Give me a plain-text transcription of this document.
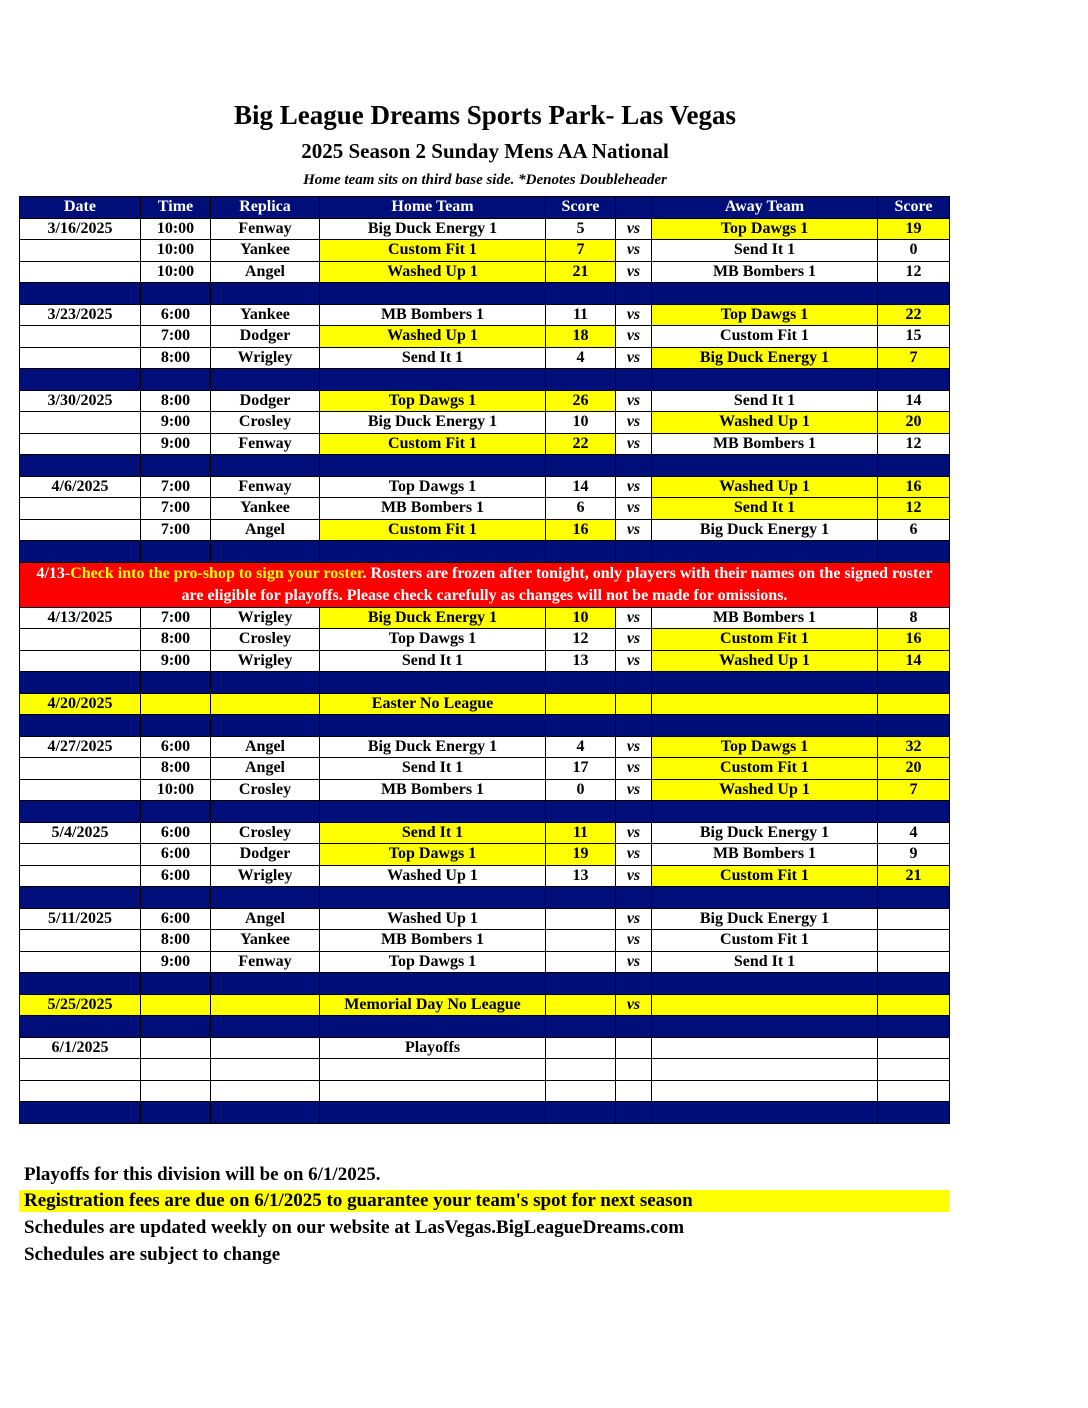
Big League Dreams Sports Park- Las Vegas
2025 Season 2 Sunday Mens AA National
Home team sits on third base side. *Denotes Doubleheader
Date	Time	Replica	Home Team	Score		Away Team	Score
3/16/2025	10:00	Fenway	Big Duck Energy 1	5	vs	Top Dawgs 1	19
	10:00	Yankee	Custom Fit 1	7	vs	Send It 1	0
	10:00	Angel	Washed Up 1	21	vs	MB Bombers 1	12

3/23/2025	6:00	Yankee	MB Bombers 1	11	vs	Top Dawgs 1	22
	7:00	Dodger	Washed Up 1	18	vs	Custom Fit 1	15
	8:00	Wrigley	Send It 1	4	vs	Big Duck Energy 1	7

3/30/2025	8:00	Dodger	Top Dawgs 1	26	vs	Send It 1	14
	9:00	Crosley	Big Duck Energy 1	10	vs	Washed Up 1	20
	9:00	Fenway	Custom Fit 1	22	vs	MB Bombers 1	12

4/6/2025	7:00	Fenway	Top Dawgs 1	14	vs	Washed Up 1	16
	7:00	Yankee	MB Bombers 1	6	vs	Send It 1	12
	7:00	Angel	Custom Fit 1	16	vs	Big Duck Energy 1	6

4/13-Check into the pro-shop to sign your roster. Rosters are frozen after tonight, only players with their names on the signed roster are eligible for playoffs. Please check carefully as changes will not be made for omissions.							
4/13/2025	7:00	Wrigley	Big Duck Energy 1	10	vs	MB Bombers 1	8
	8:00	Crosley	Top Dawgs 1	12	vs	Custom Fit 1	16
	9:00	Wrigley	Send It 1	13	vs	Washed Up 1	14

4/20/2025			Easter No League				

4/27/2025	6:00	Angel	Big Duck Energy 1	4	vs	Top Dawgs 1	32
	8:00	Angel	Send It 1	17	vs	Custom Fit 1	20
	10:00	Crosley	MB Bombers 1	0	vs	Washed Up 1	7

5/4/2025	6:00	Crosley	Send It 1	11	vs	Big Duck Energy 1	4
	6:00	Dodger	Top Dawgs 1	19	vs	MB Bombers 1	9
	6:00	Wrigley	Washed Up 1	13	vs	Custom Fit 1	21

5/11/2025	6:00	Angel	Washed Up 1		vs	Big Duck Energy 1	
	8:00	Yankee	MB Bombers 1		vs	Custom Fit 1	
	9:00	Fenway	Top Dawgs 1		vs	Send It 1	

5/25/2025			Memorial Day No League		vs		

6/1/2025			Playoffs				

Playoffs for this division will be on 6/1/2025.
Registration fees are due on 6/1/2025 to guarantee your team's spot for next season
Schedules are updated weekly on our website at LasVegas.BigLeagueDreams.com
Schedules are subject to change
